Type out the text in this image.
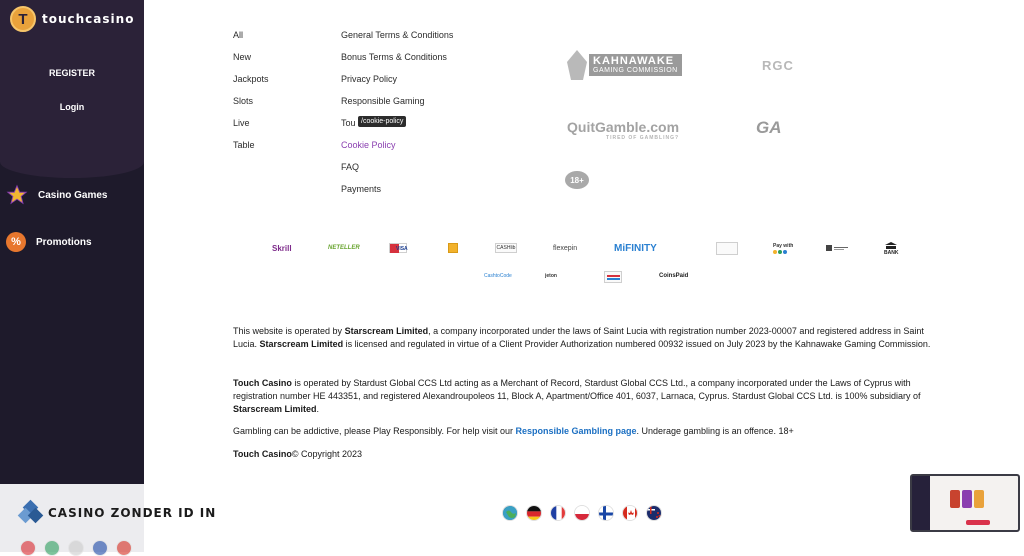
T	touchcasino
REGISTER
Login
Casino Games
%	Promotions
All
New
Jackpots
Slots
Live
Table
General Terms & Conditions
Bonus Terms & Conditions
Privacy Policy
Responsible Gaming
Tou
Cookie Policy
FAQ
Payments
/cookie-policy
KAHNAWAKE
GAMING COMMISSION	RGC
QuitGamble.com
TIRED OF GAMBLING?
GA
18+
Skrill	NETELLER	VISA	CASHlib	flexepin	MiFINITY	Pay with
BANK
CashtoCode	jeton	CoinsPaid
This website is operated by Starscream Limited, a company incorporated under the laws of Saint Lucia with registration number 2023-00007 and registered address in Saint Lucia. Starscream Limited is licensed and regulated in virtue of a Client Provider Authorization numbered 00932 issued on July 2023 by the Kahnawake Gaming Commission.
Touch Casino is operated by Stardust Global CCS Ltd acting as a Merchant of Record, Stardust Global CCS Ltd., a company incorporated under the Laws of Cyprus with registration number HE 443351, and registered Alexandroupoleos 11, Block A, Apartment/Office 401, 6037, Larnaca, Cyprus. Stardust Global CCS Ltd. is 100% subsidiary of Starscream Limited.
Gambling can be addictive, please Play Responsibly. For help visit our Responsible Gambling page. Underage gambling is an offence. 18+
Touch Casino© Copyright 2023
CASINO ZONDER ID IN
